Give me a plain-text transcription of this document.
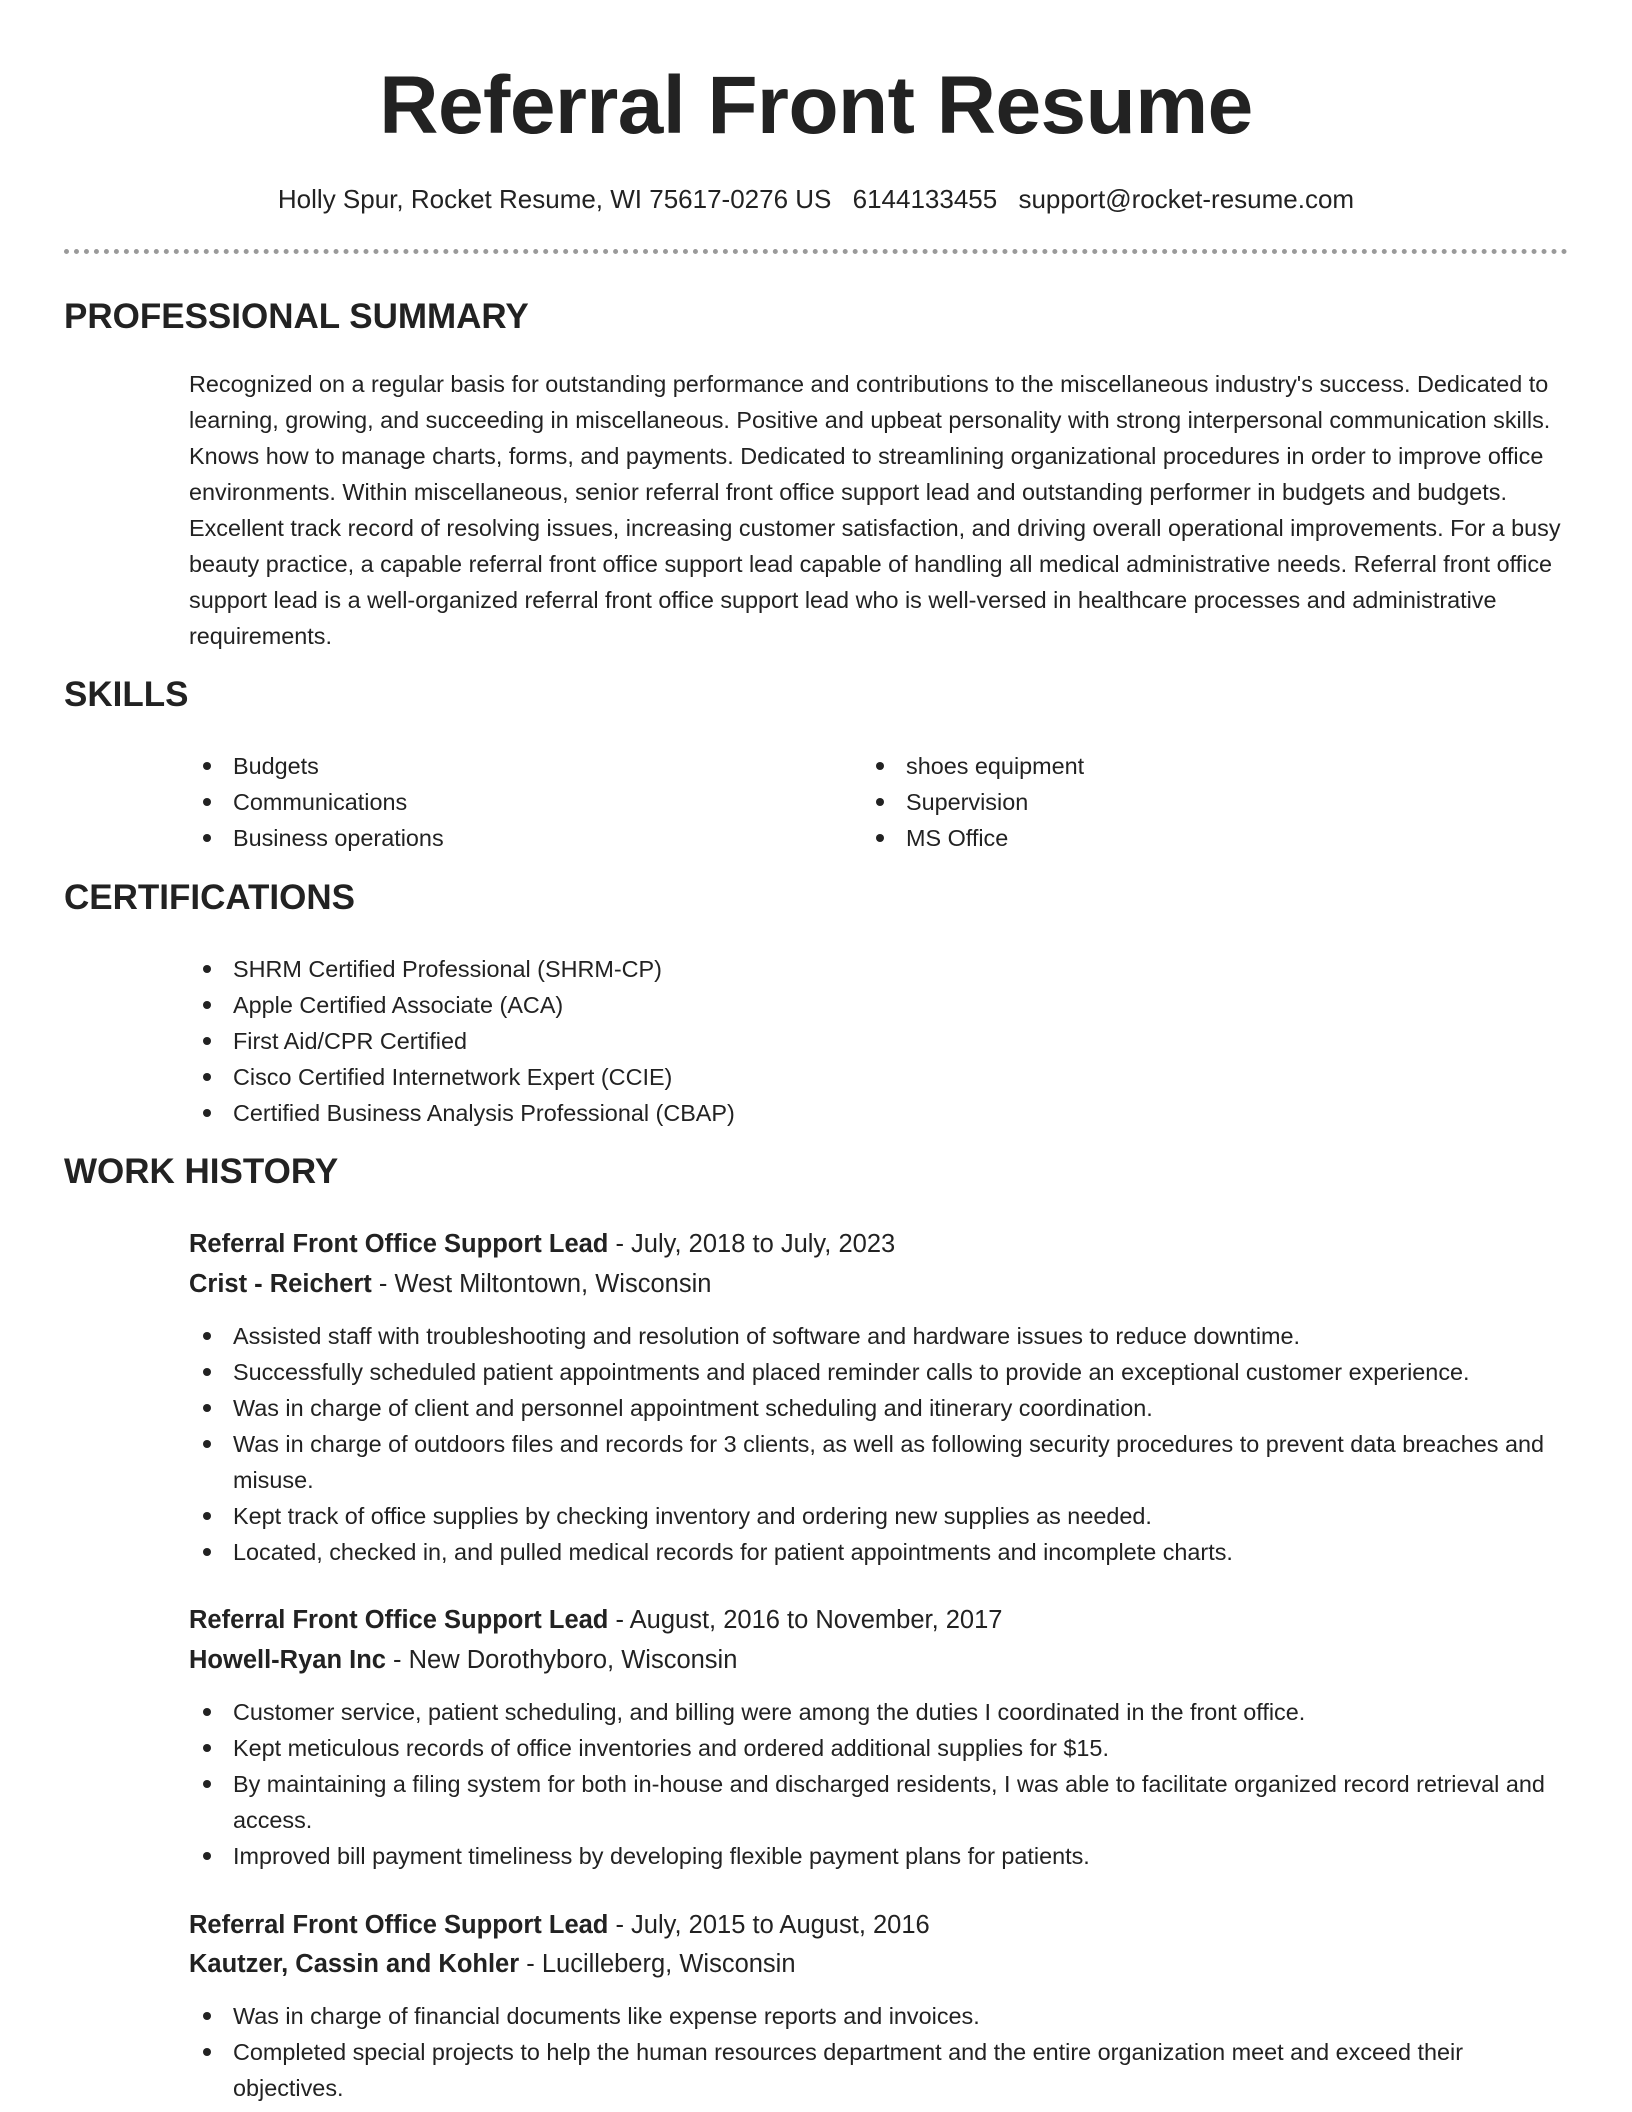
Referral Front Resume
Holly Spur, Rocket Resume, WI 75617-0276 US 6144133455 support@rocket-resume.com
PROFESSIONAL SUMMARY

Recognized on a regular basis for outstanding performance and contributions to the miscellaneous industry's success. Dedicated to learning, growing, and succeeding in miscellaneous. Positive and upbeat personality with strong interpersonal communication skills. Knows how to manage charts, forms, and payments. Dedicated to streamlining organizational procedures in order to improve office environments. Within miscellaneous, senior referral front office support lead and outstanding performer in budgets and budgets. Excellent track record of resolving issues, increasing customer satisfaction, and driving overall operational improvements. For a busy beauty practice, a capable referral front office support lead capable of handling all medical administrative needs. Referral front office support lead is a well-organized referral front office support lead who is well-versed in healthcare processes and administrative requirements.

SKILLS
Budgets
Communications
Business operations
shoes equipment
Supervision
MS Office
CERTIFICATIONS
SHRM Certified Professional (SHRM-CP)
Apple Certified Associate (ACA)
First Aid/CPR Certified
Cisco Certified Internetwork Expert (CCIE)
Certified Business Analysis Professional (CBAP)
WORK HISTORY
Referral Front Office Support Lead - July, 2018 to July, 2023
Crist - Reichert - West Miltontown, Wisconsin
Assisted staff with troubleshooting and resolution of software and hardware issues to reduce downtime.
Successfully scheduled patient appointments and placed reminder calls to provide an exceptional customer experience.
Was in charge of client and personnel appointment scheduling and itinerary coordination.
Was in charge of outdoors files and records for 3 clients, as well as following security procedures to prevent data breaches and misuse.
Kept track of office supplies by checking inventory and ordering new supplies as needed.
Located, checked in, and pulled medical records for patient appointments and incomplete charts.
Referral Front Office Support Lead - August, 2016 to November, 2017
Howell-Ryan Inc - New Dorothyboro, Wisconsin
Customer service, patient scheduling, and billing were among the duties I coordinated in the front office.
Kept meticulous records of office inventories and ordered additional supplies for $15.
By maintaining a filing system for both in-house and discharged residents, I was able to facilitate organized record retrieval and access.
Improved bill payment timeliness by developing flexible payment plans for patients.
Referral Front Office Support Lead - July, 2015 to August, 2016
Kautzer, Cassin and Kohler - Lucilleberg, Wisconsin
Was in charge of financial documents like expense reports and invoices.
Completed special projects to help the human resources department and the entire organization meet and exceed their objectives.
